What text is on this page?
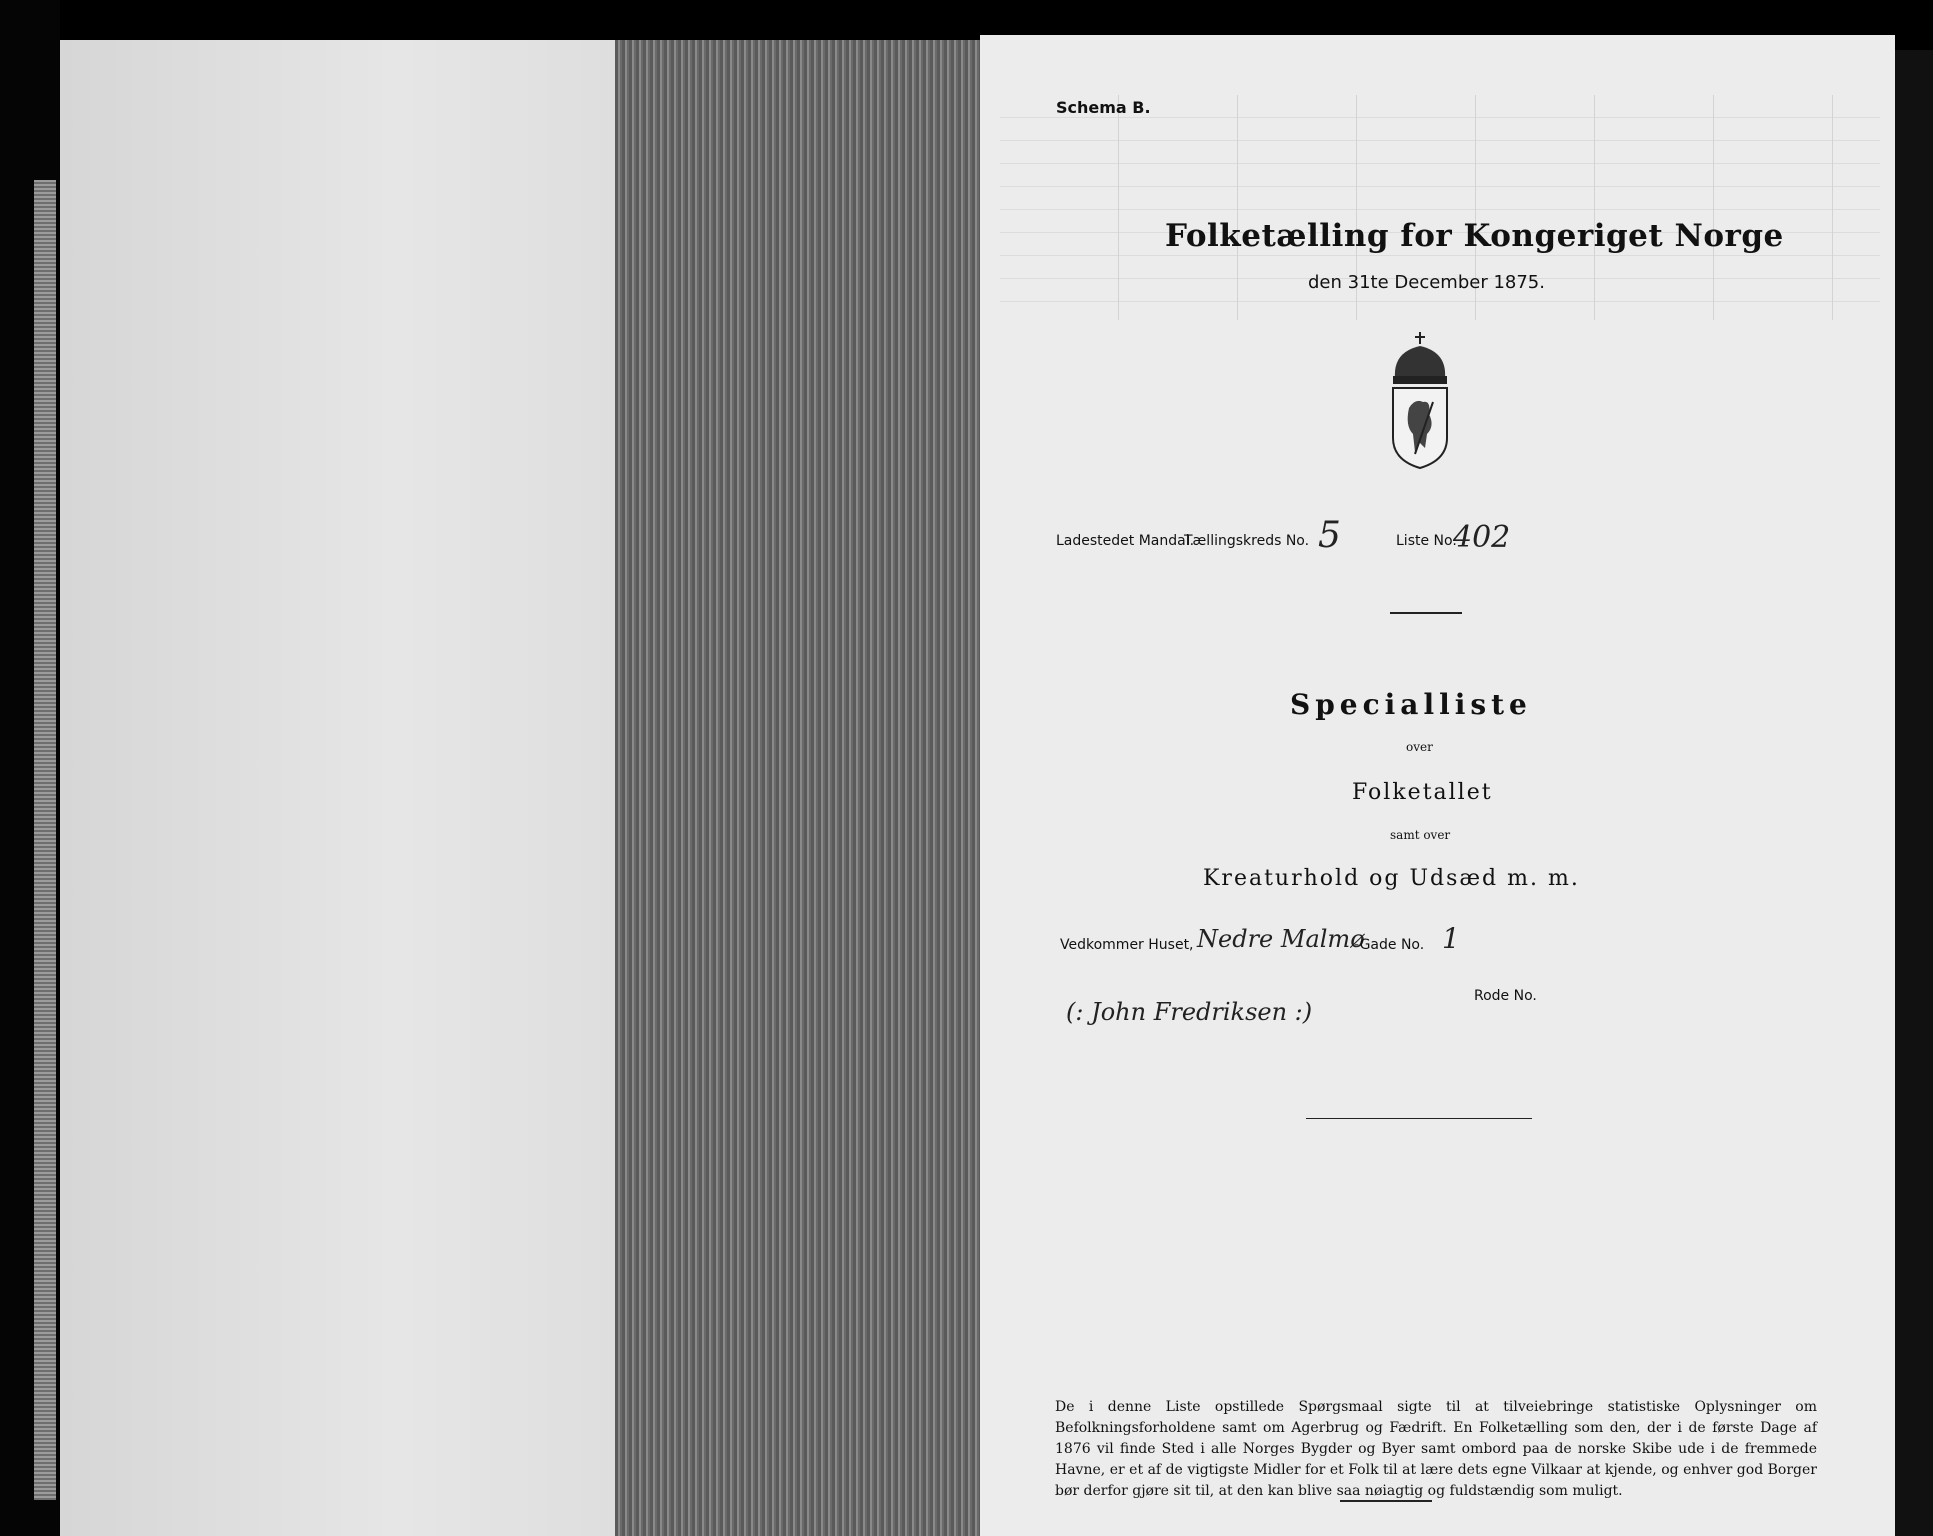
Schema B.
Folketælling for Kongeriget Norge
den 31te December 1875.
Ladestedet Mandal.
Tællingskreds No. 5	Liste No.
402
Specialliste
over
Folketallet
samt over
Kreaturhold og Udsæd m. m.
Vedkommer Huset, Nedre Malmø
-Gade No. 1
(: John Fredriksen :)
Rode No.
De i denne Liste opstillede Spørgsmaal sigte til at tilveiebringe statistiske Oplysninger om Befolkningsforholdene samt om Agerbrug og Fædrift. En Folketælling som den, der i de første Dage af 1876 vil finde Sted i alle Norges Bygder og Byer samt ombord paa de norske Skibe ude i de fremmede Havne, er et af de vigtigste Midler for et Folk til at lære dets egne Vilkaar at kjende, og enhver god Borger bør derfor gjøre sit til, at den kan blive saa nøiagtig og fuldstændig som muligt.
